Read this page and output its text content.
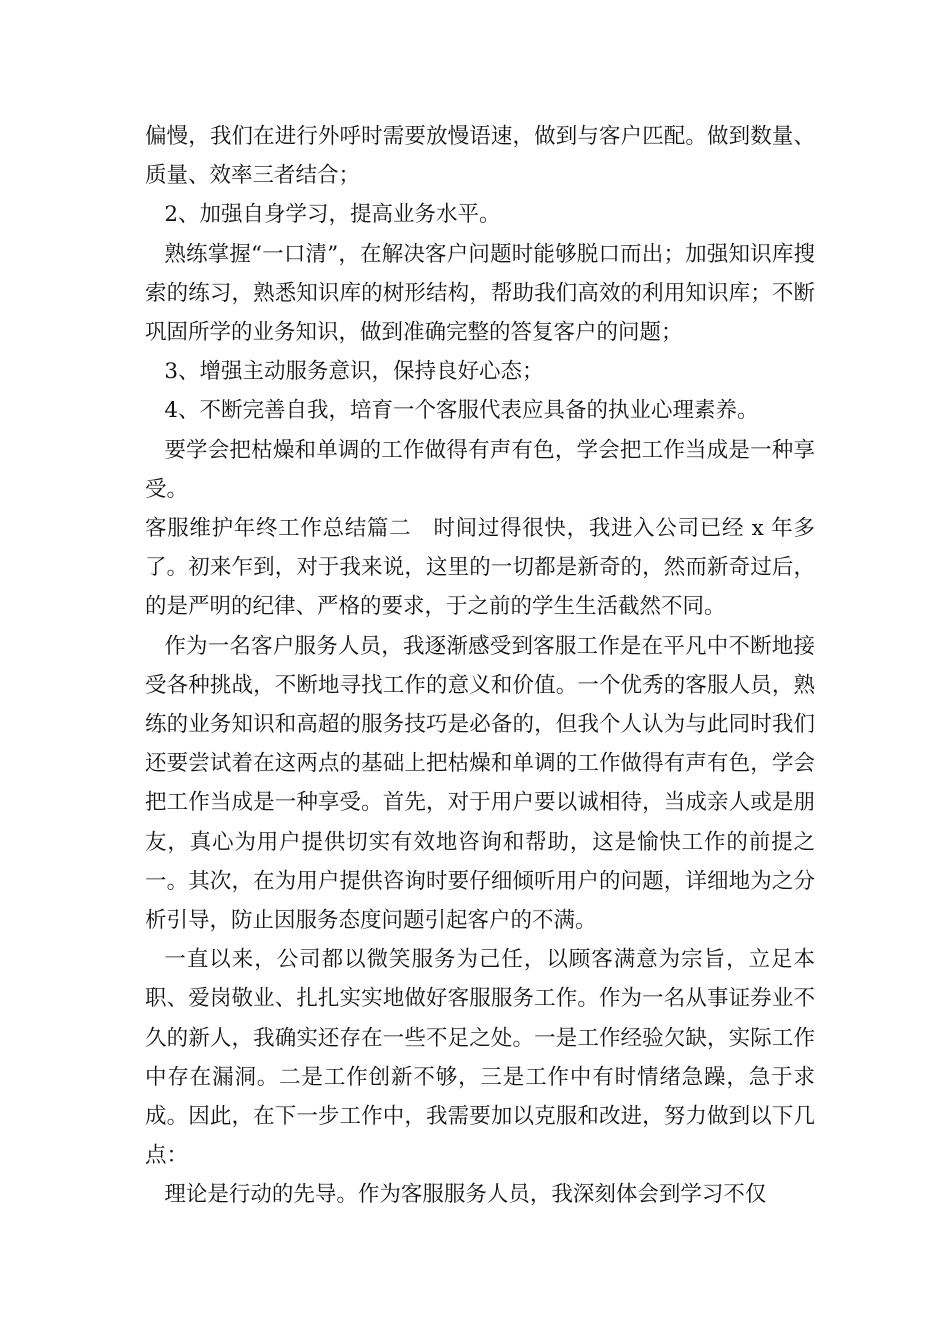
偏慢，我们在进行外呼时需要放慢语速，做到与客户匹配。做到数量、质量、效率三者结合；

2、加强自身学习，提高业务水平。

熟练掌握“一口清”，在解决客户问题时能够脱口而出；加强知识库搜索的练习，熟悉知识库的树形结构，帮助我们高效的利用知识库；不断巩固所学的业务知识，做到准确完整的答复客户的问题；

3、增强主动服务意识，保持良好心态；

4、不断完善自我，培育一个客服代表应具备的执业心理素养。

要学会把枯燥和单调的工作做得有声有色，学会把工作当成是一种享受。

客服维护年终工作总结篇二　时间过得很快，我进入公司已经 x 年多了。初来乍到，对于我来说，这里的一切都是新奇的，然而新奇过后，的是严明的纪律、严格的要求，于之前的学生生活截然不同。

作为一名客户服务人员，我逐渐感受到客服工作是在平凡中不断地接受各种挑战，不断地寻找工作的意义和价值。一个优秀的客服人员，熟练的业务知识和高超的服务技巧是必备的，但我个人认为与此同时我们还要尝试着在这两点的基础上把枯燥和单调的工作做得有声有色，学会把工作当成是一种享受。首先，对于用户要以诚相待，当成亲人或是朋友，真心为用户提供切实有效地咨询和帮助，这是愉快工作的前提之一。其次，在为用户提供咨询时要仔细倾听用户的问题，详细地为之分析引导，防止因服务态度问题引起客户的不满。

一直以来，公司都以微笑服务为己任，以顾客满意为宗旨，立足本职、爱岗敬业、扎扎实实地做好客服服务工作。作为一名从事证券业不久的新人，我确实还存在一些不足之处。一是工作经验欠缺，实际工作中存在漏洞。二是工作创新不够，三是工作中有时情绪急躁，急于求成。因此，在下一步工作中，我需要加以克服和改进，努力做到以下几点：

理论是行动的先导。作为客服服务人员，我深刻体会到学习不仅
